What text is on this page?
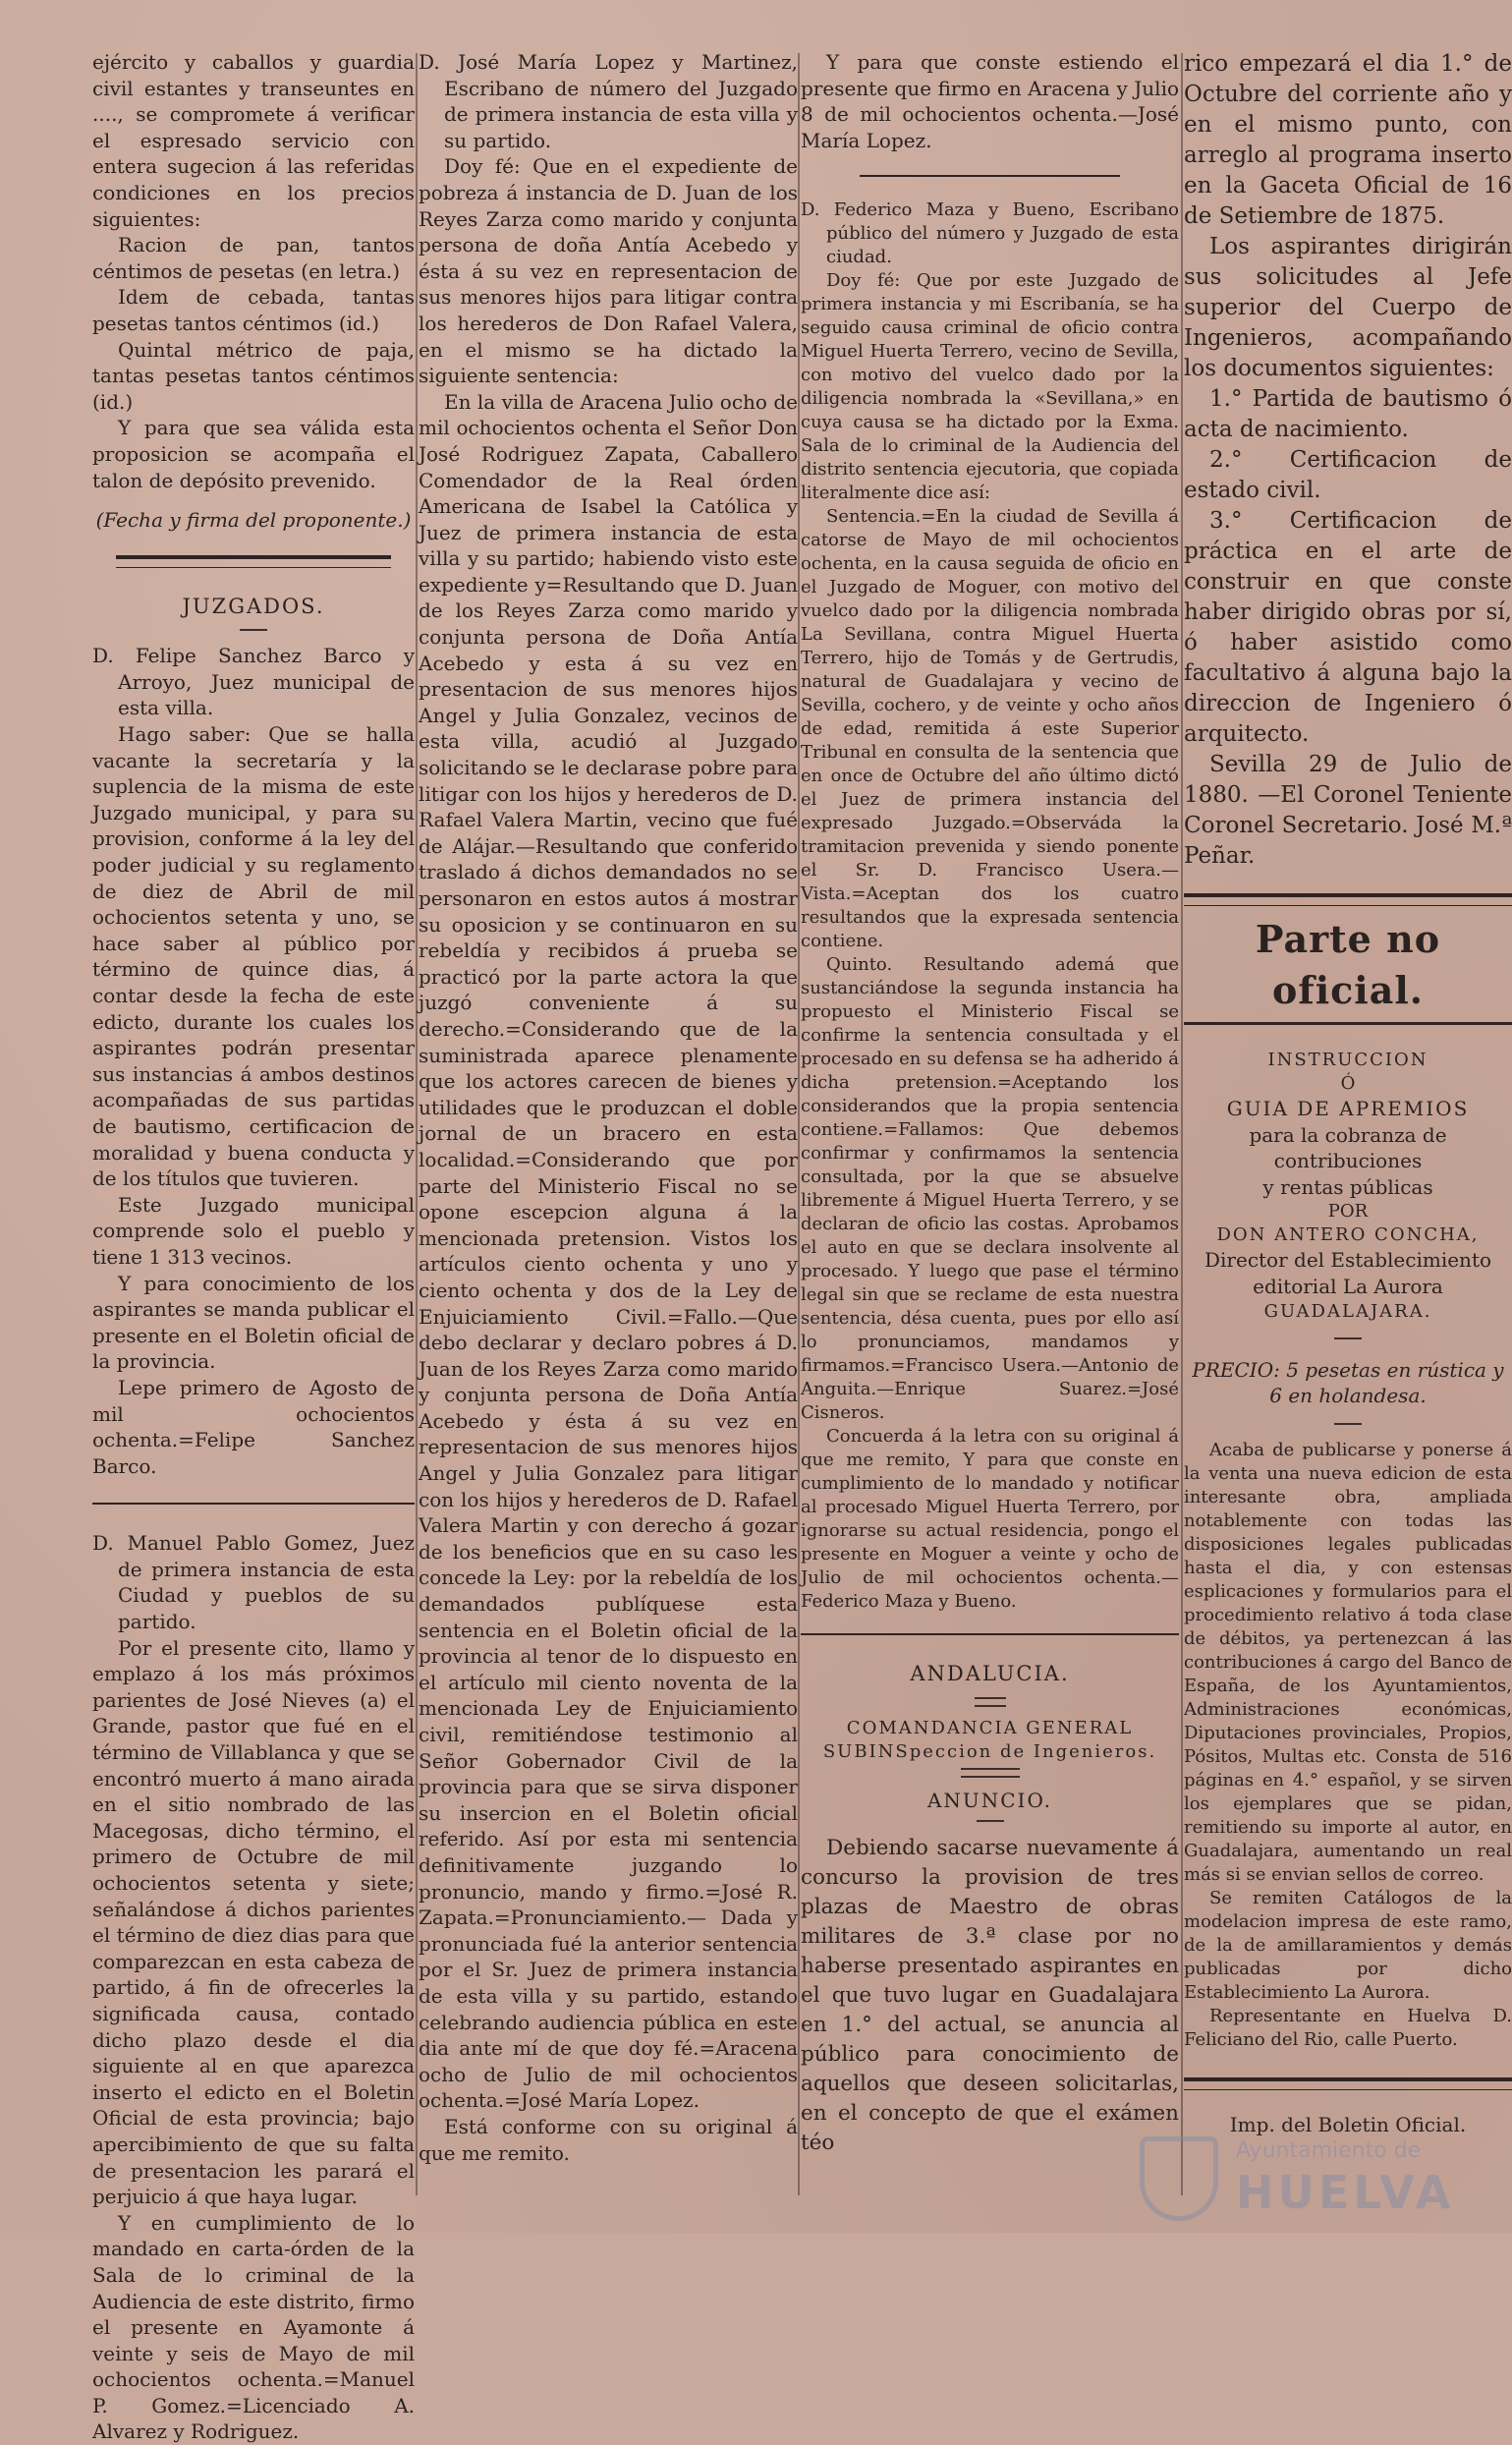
ejército y caballos y guardia civil estantes y transeuntes en ...., se compromete á verificar el espresado servicio con entera sugecion á las referidas condiciones en los precios siguientes:

Racion de pan, tantos céntimos de pesetas (en letra.)

Idem de cebada, tantas pesetas tantos céntimos (id.)

Quintal métrico de paja, tantas pesetas tantos céntimos (id.)

Y para que sea válida esta proposicion se acompaña el talon de depósito prevenido.

(Fecha y firma del proponente.)

JUZGADOS.

D. Felipe Sanchez Barco y Arroyo, Juez municipal de esta villa.

Hago saber: Que se halla vacante la secretaría y la suplencia de la misma de este Juzgado municipal, y para su provision, conforme á la ley del poder judicial y su reglamento de diez de Abril de mil ochocientos setenta y uno, se hace saber al público por término de quince dias, á contar desde la fecha de este edicto, durante los cuales los aspirantes podrán presentar sus instancias á ambos destinos acompañadas de sus partidas de bautismo, certificacion de moralidad y buena conducta y de los títulos que tuvieren.

Este Juzgado municipal comprende solo el pueblo y tiene 1 313 vecinos.

Y para conocimiento de los aspirantes se manda publicar el presente en el Boletin oficial de la provincia.

Lepe primero de Agosto de mil ochocientos ochenta.=Felipe Sanchez Barco.

D. Manuel Pablo Gomez, Juez de primera instancia de esta Ciudad y pueblos de su partido.

Por el presente cito, llamo y emplazo á los más próximos parientes de José Nieves (a) el Grande, pastor que fué en el término de Villablanca y que se encontró muerto á mano airada en el sitio nombrado de las Macegosas, dicho término, el primero de Octubre de mil ochocientos setenta y siete; señalándose á dichos parientes el término de diez dias para que comparezcan en esta cabeza de partido, á fin de ofrecerles la significada causa, contado dicho plazo desde el dia siguiente al en que aparezca inserto el edicto en el Boletin Oficial de esta provincia; bajo apercibimiento de que su falta de presentacion les parará el perjuicio á que haya lugar.

Y en cumplimiento de lo mandado en carta-órden de la Sala de lo criminal de la Audiencia de este distrito, firmo el presente en Ayamonte á veinte y seis de Mayo de mil ochocientos ochenta.=Manuel P. Gomez.=Licenciado A. Alvarez y Rodriguez.

D. José María Lopez y Martinez, Escribano de número del Juzgado de primera instancia de esta villa y su partido.

Doy fé: Que en el expediente de pobreza á instancia de D. Juan de los Reyes Zarza como marido y conjunta persona de doña Antía Acebedo y ésta á su vez en representacion de sus menores hijos para litigar contra los herederos de Don Rafael Valera, en el mismo se ha dictado la siguiente sentencia:

En la villa de Aracena Julio ocho de mil ochocientos ochenta el Señor Don José Rodriguez Zapata, Caballero Comendador de la Real órden Americana de Isabel la Católica y Juez de primera instancia de esta villa y su partido; habiendo visto este expediente y=Resultando que D. Juan de los Reyes Zarza como marido y conjunta persona de Doña Antía Acebedo y esta á su vez en presentacion de sus menores hijos Angel y Julia Gonzalez, vecinos de esta villa, acudió al Juzgado solicitando se le declarase pobre para litigar con los hijos y herederos de D. Rafael Valera Martin, vecino que fué de Alájar.—Resultando que conferido traslado á dichos demandados no se personaron en estos autos á mostrar su oposicion y se continuaron en su rebeldía y recibidos á prueba se practicó por la parte actora la que juzgó conveniente á su derecho.=Considerando que de la suministrada aparece plenamente que los actores carecen de bienes y utilidades que le produzcan el doble jornal de un bracero en esta localidad.=Considerando que por parte del Ministerio Fiscal no se opone escepcion alguna á la mencionada pretension. Vistos los artículos ciento ochenta y uno y ciento ochenta y dos de la Ley de Enjuiciamiento Civil.=Fallo.—Que debo declarar y declaro pobres á D. Juan de los Reyes Zarza como marido y conjunta persona de Doña Antía Acebedo y ésta á su vez en representacion de sus menores hijos Angel y Julia Gonzalez para litigar con los hijos y herederos de D. Rafael Valera Martin y con derecho á gozar de los beneficios que en su caso les concede la Ley: por la rebeldía de los demandados publíquese esta sentencia en el Boletin oficial de la provincia al tenor de lo dispuesto en el artículo mil ciento noventa de la mencionada Ley de Enjuiciamiento civil, remitiéndose testimonio al Señor Gobernador Civil de la provincia para que se sirva disponer su insercion en el Boletin oficial referido. Así por esta mi sentencia definitivamente juzgando lo pronuncio, mando y firmo.=José R. Zapata.=Pronunciamiento.— Dada y pronunciada fué la anterior sentencia por el Sr. Juez de primera instancia de esta villa y su partido, estando celebrando audiencia pública en este dia ante mí de que doy fé.=Aracena ocho de Julio de mil ochocientos ochenta.=José María Lopez.

Está conforme con su original á que me remito.

Y para que conste estiendo el presente que firmo en Aracena y Julio 8 de mil ochocientos ochenta.—José María Lopez.

D. Federico Maza y Bueno, Escribano público del número y Juzgado de esta ciudad.

Doy fé: Que por este Juzgado de primera instancia y mi Escribanía, se ha seguido causa criminal de oficio contra Miguel Huerta Terrero, vecino de Sevilla, con motivo del vuelco dado por la diligencia nombrada la «Sevillana,» en cuya causa se ha dictado por la Exma. Sala de lo criminal de la Audiencia del distrito sentencia ejecutoria, que copiada literalmente dice así:

Sentencia.=En la ciudad de Sevilla á catorse de Mayo de mil ochocientos ochenta, en la causa seguida de oficio en el Juzgado de Moguer, con motivo del vuelco dado por la diligencia nombrada La Sevillana, contra Miguel Huerta Terrero, hijo de Tomás y de Gertrudis, natural de Guadalajara y vecino de Sevilla, cochero, y de veinte y ocho años de edad, remitida á este Superior Tribunal en consulta de la sentencia que en once de Octubre del año último dictó el Juez de primera instancia del expresado Juzgado.=Observáda la tramitacion prevenida y siendo ponente el Sr. D. Francisco Usera.—Vista.=Aceptan dos los cuatro resultandos que la expresada sentencia contiene.

Quinto. Resultando ademá que sustanciándose la segunda instancia ha propuesto el Ministerio Fiscal se confirme la sentencia consultada y el procesado en su defensa se ha adherido á dicha pretension.=Aceptando los considerandos que la propia sentencia contiene.=Fallamos: Que debemos confirmar y confirmamos la sentencia consultada, por la que se absuelve libremente á Miguel Huerta Terrero, y se declaran de oficio las costas. Aprobamos el auto en que se declara insolvente al procesado. Y luego que pase el término legal sin que se reclame de esta nuestra sentencia, désa cuenta, pues por ello así lo pronunciamos, mandamos y firmamos.=Francisco Usera.—Antonio de Anguita.—Enrique Suarez.=José Cisneros.

Concuerda á la letra con su original á que me remito, Y para que conste en cumplimiento de lo mandado y notificar al procesado Miguel Huerta Terrero, por ignorarse su actual residencia, pongo el presente en Moguer a veinte y ocho de Julio de mil ochocientos ochenta.—Federico Maza y Bueno.

ANDALUCIA.

COMANDANCIA GENERAL SUBINSpeccion de Ingenieros.

ANUNCIO.

Debiendo sacarse nuevamente á concurso la provision de tres plazas de Maestro de obras militares de 3.ª clase por no haberse presentado aspirantes en el que tuvo lugar en Guadalajara en 1.° del actual, se anuncia al público para conocimiento de aquellos que deseen solicitarlas, en el concepto de que el exámen téo

rico empezará el dia 1.° de Octubre del corriente año y en el mismo punto, con arreglo al programa inserto en la Gaceta Oficial de 16 de Setiembre de 1875.

Los aspirantes dirigirán sus solicitudes al Jefe superior del Cuerpo de Ingenieros, acompañando los documentos siguientes:

1.° Partida de bautismo ó acta de nacimiento.

2.° Certificacion de estado civil.

3.° Certificacion de práctica en el arte de construir en que conste haber dirigido obras por sí, ó haber asistido como facultativo á alguna bajo la direccion de Ingeniero ó arquitecto.

Sevilla 29 de Julio de 1880. —El Coronel Teniente Coronel Secretario. José M.ª Peñar.

Parte no oficial.

INSTRUCCION

Ó

GUIA DE APREMIOS

para la cobranza de contribuciones

y rentas públicas

POR

DON ANTERO CONCHA,

Director del Establecimiento editorial La Aurora

GUADALAJARA.

PRECIO: 5 pesetas en rústica y 6 en holandesa.

Acaba de publicarse y ponerse á la venta una nueva edicion de esta interesante obra, ampliada notablemente con todas las disposiciones legales publicadas hasta el dia, y con estensas esplicaciones y formularios para el procedimiento relativo á toda clase de débitos, ya pertenezcan á las contribuciones á cargo del Banco de España, de los Ayuntamientos, Administraciones económicas, Diputaciones provinciales, Propios, Pósitos, Multas etc. Consta de 516 páginas en 4.° español, y se sirven los ejemplares que se pidan, remitiendo su importe al autor, en Guadalajara, aumentando un real más si se envian sellos de correo.

Se remiten Catálogos de la modelacion impresa de este ramo, de la de amillaramientos y demás publicadas por dicho Establecimiento La Aurora.

Representante en Huelva D. Feliciano del Rio, calle Puerto.

Imp. del Boletin Oficial.

Ayuntamiento de
HUELVA
